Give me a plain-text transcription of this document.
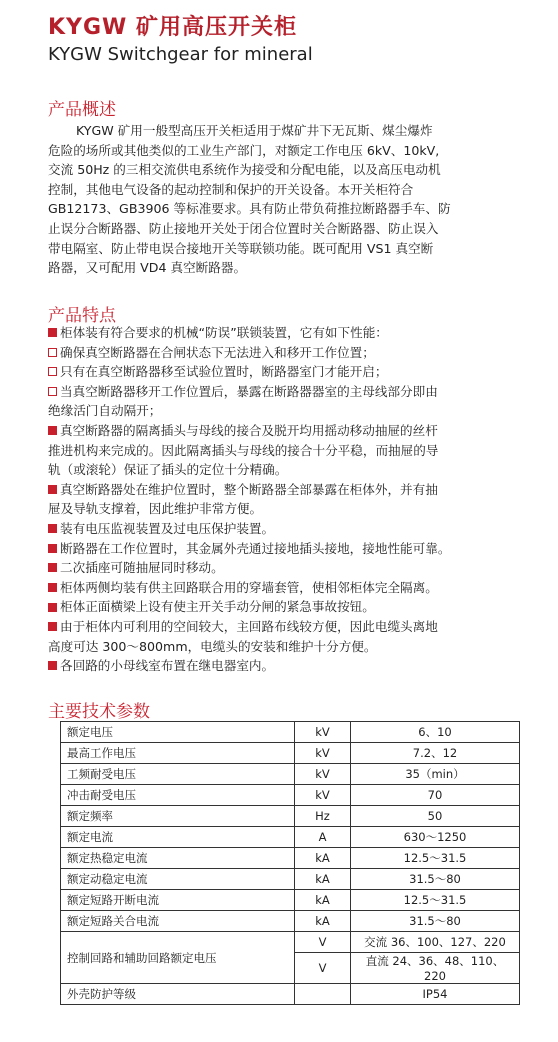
KYGW 矿用高压开关柜
KYGW Switchgear for mineral
产品概述
KYGW 矿用一般型高压开关柜适用于煤矿井下无瓦斯、煤尘爆炸
危险的场所或其他类似的工业生产部门，对额定工作电压 6kV、10kV,
交流 50Hz 的三相交流供电系统作为接受和分配电能，以及高压电动机
控制，其他电气设备的起动控制和保护的开关设备。本开关柜符合
GB12173、GB3906 等标准要求。具有防止带负荷推拉断路器手车、防
止误分合断路器、防止接地开关处于闭合位置时关合断路器、防止误入
带电隔室、防止带电误合接地开关等联锁功能。既可配用 VS1 真空断
路器，又可配用 VD4 真空断路器。
产品特点
柜体装有符合要求的机械“防误”联锁装置，它有如下性能：
确保真空断路器在合闸状态下无法进入和移开工作位置；
只有在真空断路器移至试验位置时，断路器室门才能开启；
当真空断路器移开工作位置后，暴露在断路器器室的主母线部分即由
绝缘活门自动隔开；
真空断路器的隔离插头与母线的接合及脱开均用摇动移动抽屉的丝杆
推进机构来完成的。因此隔离插头与母线的接合十分平稳，而抽屉的导
轨（或滚轮）保证了插头的定位十分精确。
真空断路器处在维护位置时，整个断路器全部暴露在柜体外，并有抽
屉及导轨支撑着，因此维护非常方便。
装有电压监视装置及过电压保护装置。
断路器在工作位置时，其金属外壳通过接地插头接地，接地性能可靠。
二次插座可随抽屉同时移动。
柜体两侧均装有供主回路联合用的穿墙套管，使相邻柜体完全隔离。
柜体正面横梁上设有使主开关手动分闸的紧急事故按钮。
由于柜体内可利用的空间较大，主回路布线较方便，因此电缆头离地
高度可达 300～800mm，电缆头的安装和维护十分方便。
各回路的小母线室布置在继电器室内。
主要技术参数
额定电压	kV	6、10
最高工作电压	kV	7.2、12
工频耐受电压	kV	35（min）
冲击耐受电压	kV	70
额定频率	Hz	50
额定电流	A	630～1250
额定热稳定电流	kA	12.5～31.5
额定动稳定电流	kA	31.5～80
额定短路开断电流	kA	12.5～31.5
额定短路关合电流	kA	31.5～80
控制回路和辅助回路额定电压	V	交流 36、100、127、220
	V	直流 24、36、48、110、220
外壳防护等级		IP54
